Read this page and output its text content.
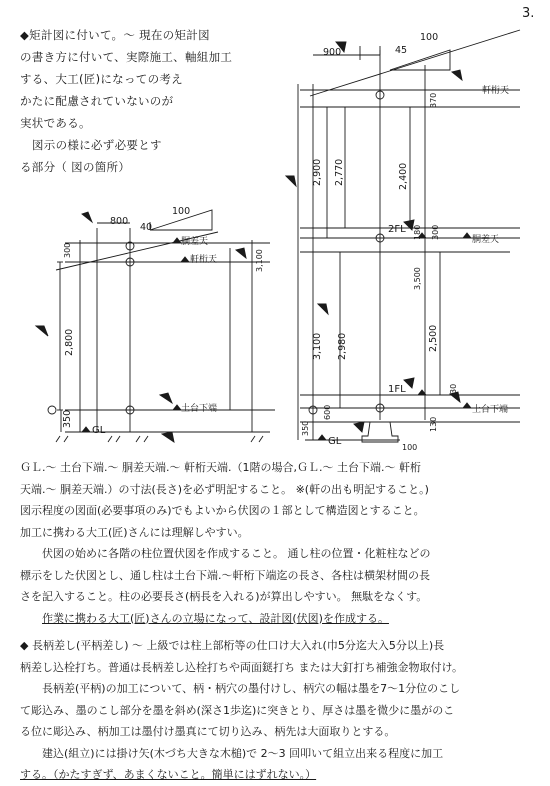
3.
◆矩計図に付いて。～ 現在の矩計図
の書き方に付いて、実際施工、軸組加工
する、大工(匠)になっての考え
かたに配慮されていないのが
実状である。
図示の様に必ず必要とす
る部分（ 図の箇所）
800
40
100
350
2,800
300	3,100
胴差天
軒桁天
土台下端
GL
900	45
100
370
2,900 2,770	2,400
300
180
3,500
2,980
3,100	2,500
30
600
350	130
100
軒桁天
2FL
胴差天
1FL
土台下端
GL
ＧＬ.～ 土台下端.～ 胴差天端.～ 軒桁天端.（1階の場合,ＧＬ.～ 土台下端.～ 軒桁
天端.～ 胴差天端.）の寸法(長さ)を必ず明記すること。 ※(軒の出も明記すること。)
図示程度の図面(必要事項のみ)でもよいから伏図の１部として構造図とすること。
加工に携わる大工(匠)さんには理解しやすい。
伏図の始めに各階の柱位置伏図を作成すること。 通し柱の位置・化粧柱などの
標示をした伏図とし、通し柱は土台下端.～軒桁下端迄の長さ、各柱は横架材間の長
さを記入すること。柱の必要長さ(柄長を入れる)が算出しやすい。 無駄をなくす。
作業に携わる大工(匠)さんの立場になって、設計図(伏図)を作成する。
◆ 長柄差し(平柄差し) ～ 上級では柱上部桁等の仕口け大入れ(巾5分迄大入5分以上)長
柄差し込栓打ち。普通は長柄差し込栓打ちや両面鎹打ち または大釘打ち補強金物取付け。
長柄差(平柄)の加工について、柄・柄穴の墨付けし、柄穴の幅は墨を7～1分位のこし
て彫込み、墨のこし部分を墨を斜め(深さ1歩迄)に突きとり、厚さは墨を微少に墨がのこ
る位に彫込み、柄加工は墨付け墨真にて切り込み、柄先は大面取りとする。
建込(組立)には掛け矢(木づち大きな木槌)で 2～3 回叩いて組立出来る程度に加工
する。（かたすぎず、あまくないこと。簡単にはずれない。）
